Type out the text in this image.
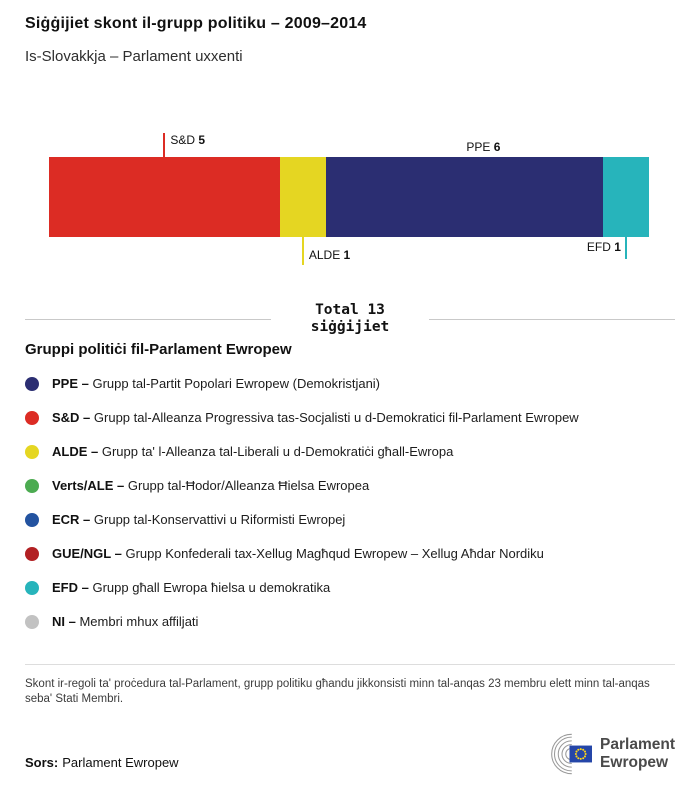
Siġġijiet skont il-grupp politiku – 2009–2014
Is-Slovakkja – Parlament uxxenti
S&D 5
ALDE 1
PPE 6
EFD 1
Total 13
siġġijiet
Gruppi politiċi fil-Parlament Ewropew
PPE – Grupp tal-Partit Popolari Ewropew (Demokristjani)
S&D – Grupp tal-Alleanza Progressiva tas-Socjalisti u d-Demokratici fil-Parlament Ewropew
ALDE – Grupp ta' l-Alleanza tal-Liberali u d-Demokratiċi għall-Ewropa
Verts/ALE – Grupp tal-Ħodor/Alleanza Ħielsa Ewropea
ECR – Grupp tal-Konservattivi u Riformisti Ewropej
GUE/NGL – Grupp Konfederali tax-Xellug Magħqud Ewropew – Xellug Aħdar Nordiku
EFD – Grupp għall Ewropa ħielsa u demokratika
NI – Membri mhux affiljati

Skont ir-regoli ta' proċedura tal-Parlament, grupp politiku għandu jikkonsisti minn tal-anqas 23 membru elett minn tal-anqas seba' Stati Membri.

Sors: Parlament Ewropew
Parlament
Ewropew
